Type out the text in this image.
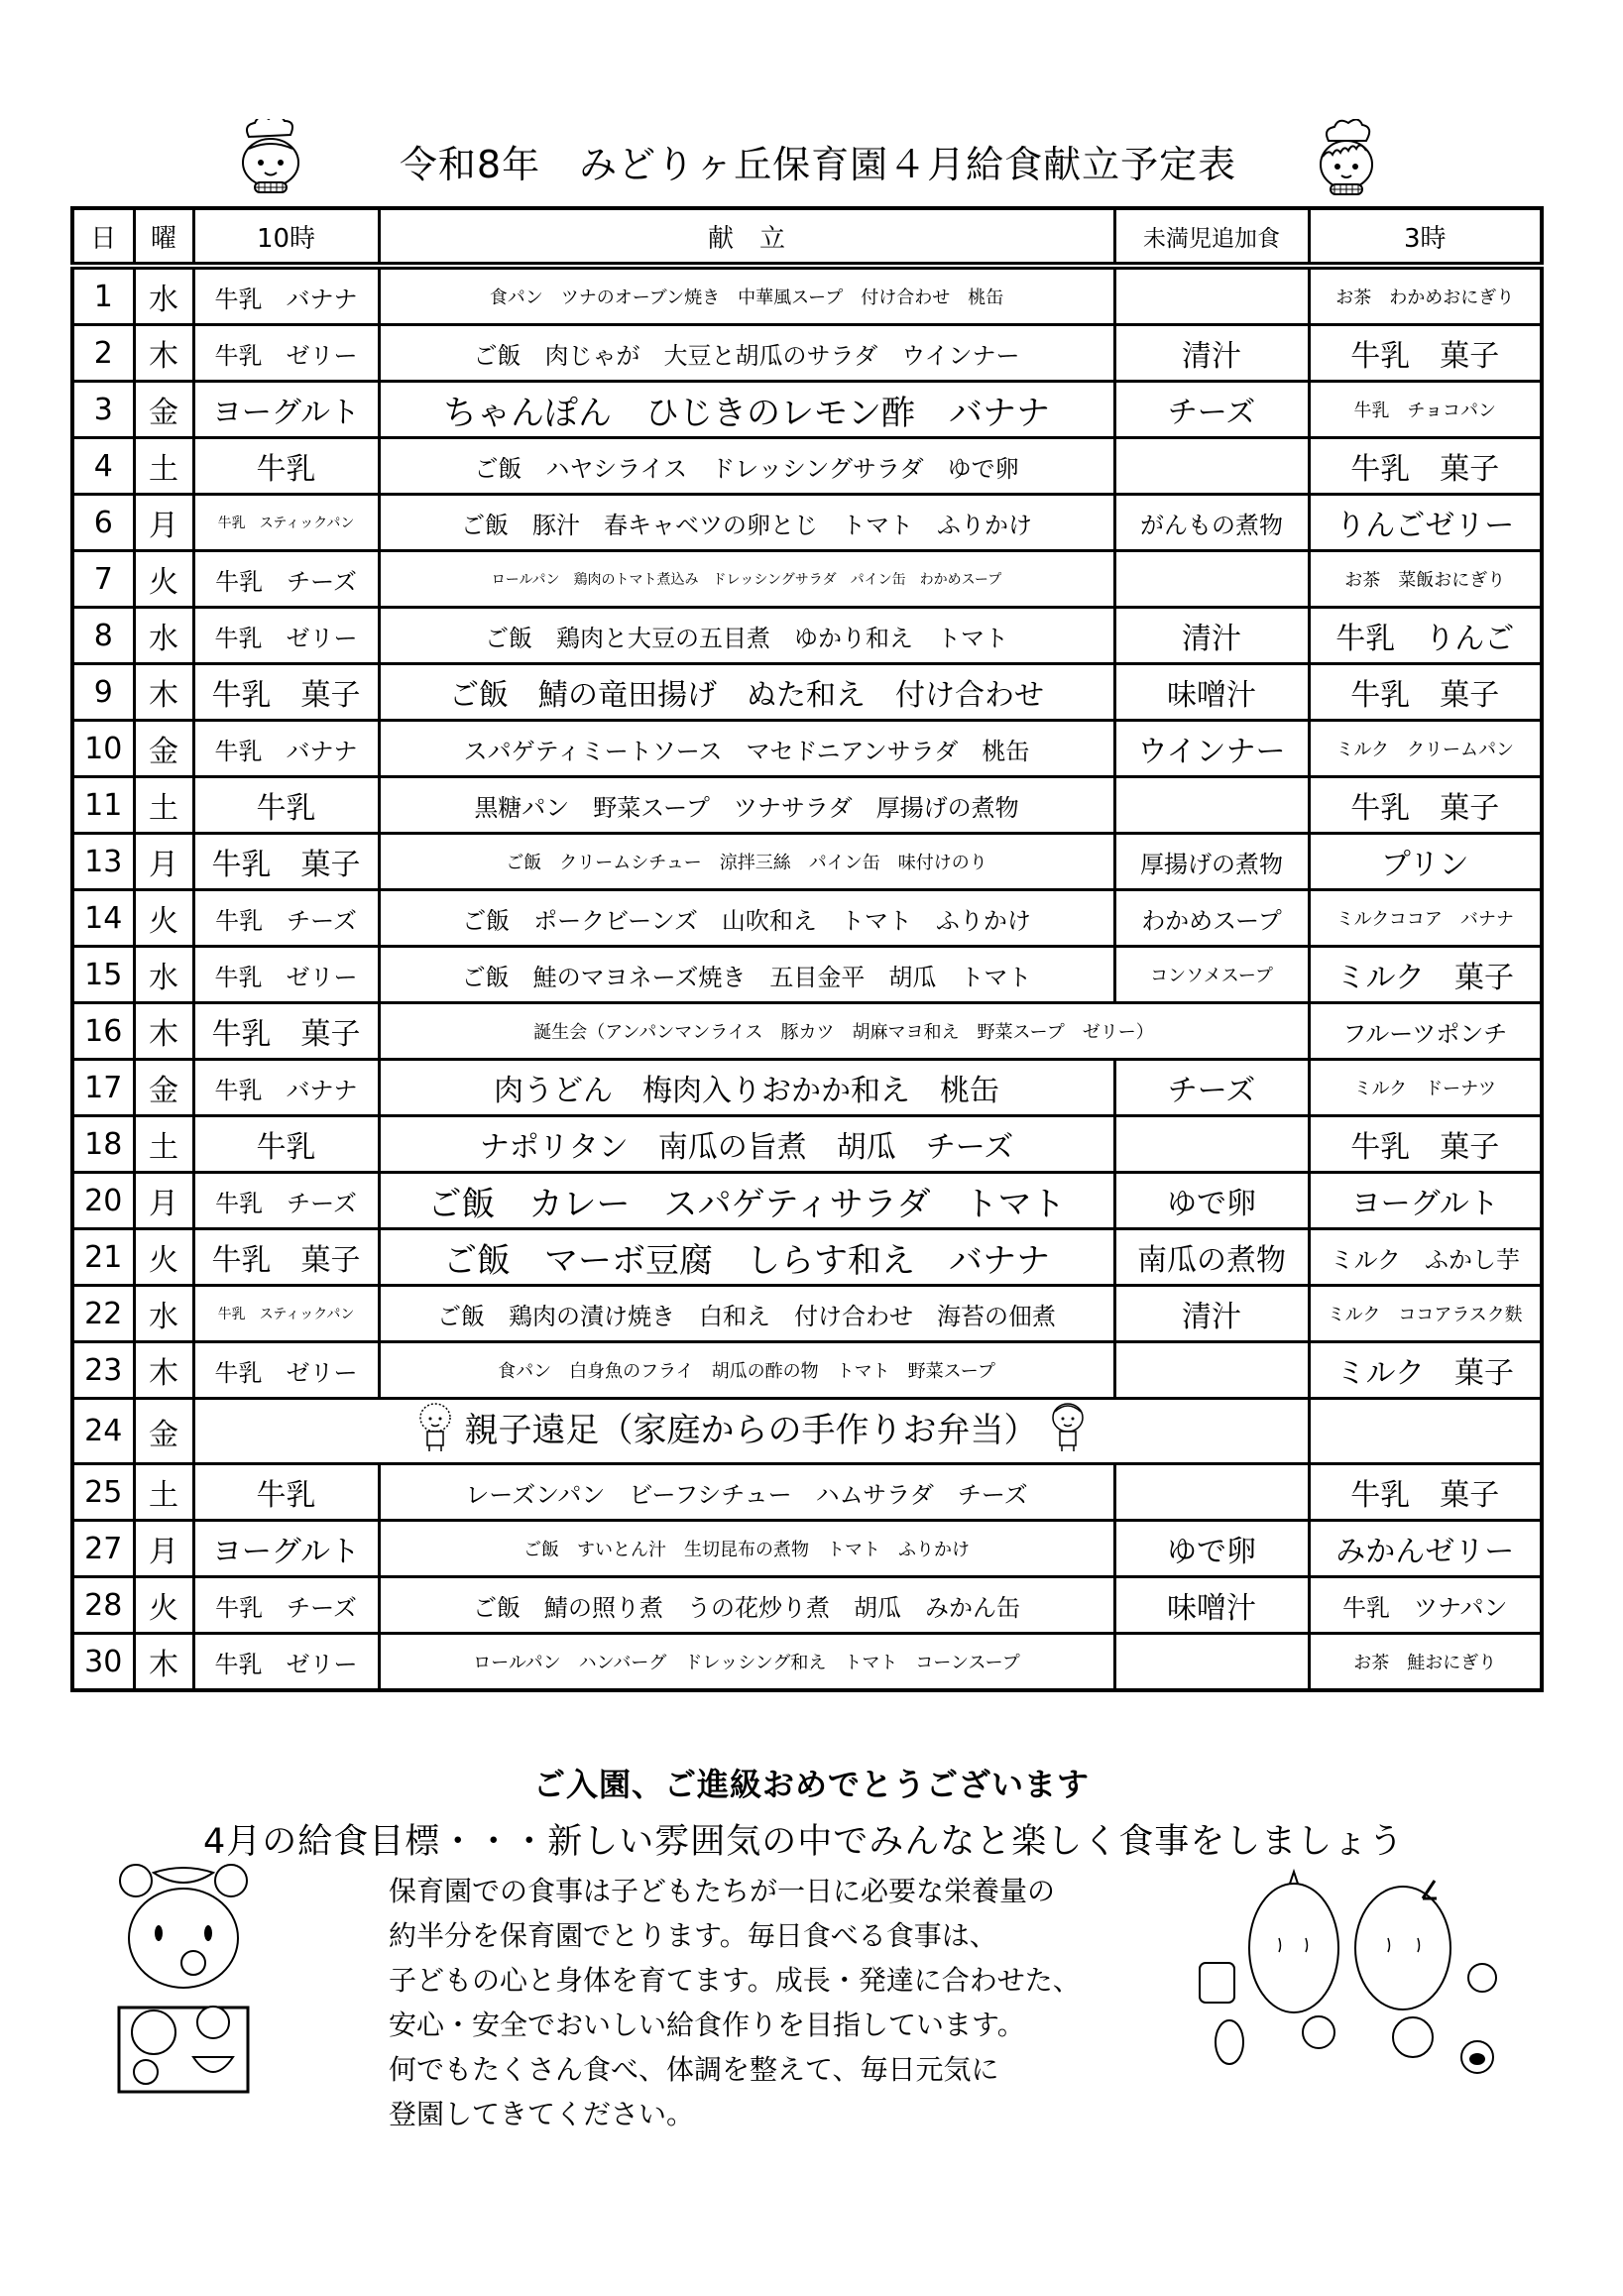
令和8年　みどりヶ丘保育園４月給食献立予定表
日	曜	10時	献　立	未満児追加食	3時
1	水	牛乳　バナナ	食パン　ツナのオーブン焼き　中華風スープ　付け合わせ　桃缶		お茶　わかめおにぎり
2	木	牛乳　ゼリー	ご飯　肉じゃが　大豆と胡瓜のサラダ　ウインナー	清汁	牛乳　菓子
3	金	ヨーグルト	ちゃんぽん　ひじきのレモン酢　バナナ	チーズ	牛乳　チョコパン
4	土	牛乳	ご飯　ハヤシライス　ドレッシングサラダ　ゆで卵		牛乳　菓子
6	月	牛乳　スティックパン	ご飯　豚汁　春キャベツの卵とじ　トマト　ふりかけ	がんもの煮物	りんごゼリー
7	火	牛乳　チーズ	ロールパン　鶏肉のトマト煮込み　ドレッシングサラダ　パイン缶　わかめスープ		お茶　菜飯おにぎり
8	水	牛乳　ゼリー	ご飯　鶏肉と大豆の五目煮　ゆかり和え　トマト	清汁	牛乳　りんご
9	木	牛乳　菓子	ご飯　鯖の竜田揚げ　ぬた和え　付け合わせ	味噌汁	牛乳　菓子
10	金	牛乳　バナナ	スパゲティミートソース　マセドニアンサラダ　桃缶	ウインナー	ミルク　クリームパン
11	土	牛乳	黒糖パン　野菜スープ　ツナサラダ　厚揚げの煮物		牛乳　菓子
13	月	牛乳　菓子	ご飯　クリームシチュー　涼拌三絲　パイン缶　味付けのり	厚揚げの煮物	プリン
14	火	牛乳　チーズ	ご飯　ポークビーンズ　山吹和え　トマト　ふりかけ	わかめスープ	ミルクココア　バナナ
15	水	牛乳　ゼリー	ご飯　鮭のマヨネーズ焼き　五目金平　胡瓜　トマト	コンソメスープ	ミルク　菓子
16	木	牛乳　菓子	誕生会（アンパンマンライス　豚カツ　胡麻マヨ和え　野菜スープ　ゼリー）		フルーツポンチ
17	金	牛乳　バナナ	肉うどん　梅肉入りおかか和え　桃缶	チーズ	ミルク　ドーナツ
18	土	牛乳	ナポリタン　南瓜の旨煮　胡瓜　チーズ		牛乳　菓子
20	月	牛乳　チーズ	ご飯　カレー　スパゲティサラダ　トマト	ゆで卵	ヨーグルト
21	火	牛乳　菓子	ご飯　マーボ豆腐　しらす和え　バナナ	南瓜の煮物	ミルク　ふかし芋
22	水	牛乳　スティックパン	ご飯　鶏肉の漬け焼き　白和え　付け合わせ　海苔の佃煮	清汁	ミルク　ココアラスク麩
23	木	牛乳　ゼリー	食パン　白身魚のフライ　胡瓜の酢の物　トマト　野菜スープ		ミルク　菓子
24	金	親子遠足（家庭からの手作りお弁当）			

25	土	牛乳	レーズンパン　ビーフシチュー　ハムサラダ　チーズ		牛乳　菓子
27	月	ヨーグルト	ご飯　すいとん汁　生切昆布の煮物　トマト　ふりかけ	ゆで卵	みかんゼリー
28	火	牛乳　チーズ	ご飯　鯖の照り煮　うの花炒り煮　胡瓜　みかん缶	味噌汁	牛乳　ツナパン
30	木	牛乳　ゼリー	ロールパン　ハンバーグ　ドレッシング和え　トマト　コーンスープ		お茶　鮭おにぎり
ご入園、ご進級おめでとうございます
4月の給食目標・・・新しい雰囲気の中でみんなと楽しく食事をしましょう
保育園での食事は子どもたちが一日に必要な栄養量の
約半分を保育園でとります。毎日食べる食事は、
子どもの心と身体を育てます。成長・発達に合わせた、
安心・安全でおいしい給食作りを目指しています。
何でもたくさん食べ、体調を整えて、毎日元気に
登園してきてください。
